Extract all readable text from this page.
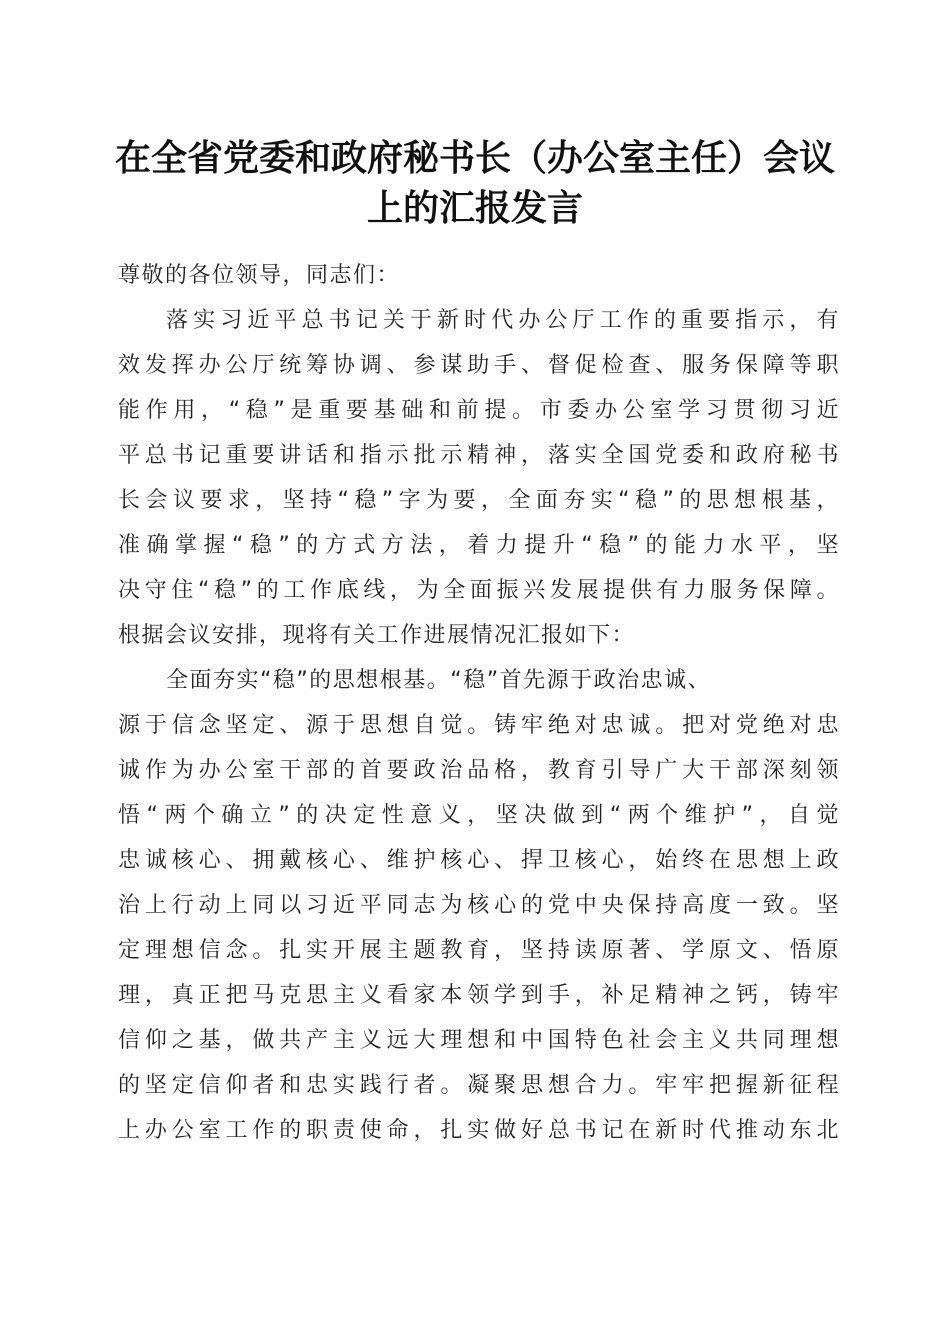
在全省党委和政府秘书长（办公室主任）会议
上的汇报发言
尊敬的各位领导，同志们：
落实习近平总书记关于新时代办公厅工作的重要指示，有
效发挥办公厅统筹协调、参谋助手、督促检查、服务保障等职
能作用，“稳”是重要基础和前提。市委办公室学习贯彻习近
平总书记重要讲话和指示批示精神，落实全国党委和政府秘书
长会议要求，坚持“稳”字为要，全面夯实“稳”的思想根基，
准确掌握“稳”的方式方法，着力提升“稳”的能力水平，坚
决守住“稳”的工作底线，为全面振兴发展提供有力服务保障。
根据会议安排，现将有关工作进展情况汇报如下：
全面夯实“稳”的思想根基。“稳”首先源于政治忠诚、
源于信念坚定、源于思想自觉。铸牢绝对忠诚。把对党绝对忠
诚作为办公室干部的首要政治品格，教育引导广大干部深刻领
悟“两个确立”的决定性意义，坚决做到“两个维护”，自觉
忠诚核心、拥戴核心、维护核心、捍卫核心，始终在思想上政
治上行动上同以习近平同志为核心的党中央保持高度一致。坚
定理想信念。扎实开展主题教育，坚持读原著、学原文、悟原
理，真正把马克思主义看家本领学到手，补足精神之钙，铸牢
信仰之基，做共产主义远大理想和中国特色社会主义共同理想
的坚定信仰者和忠实践行者。凝聚思想合力。牢牢把握新征程
上办公室工作的职责使命，扎实做好总书记在新时代推动东北
